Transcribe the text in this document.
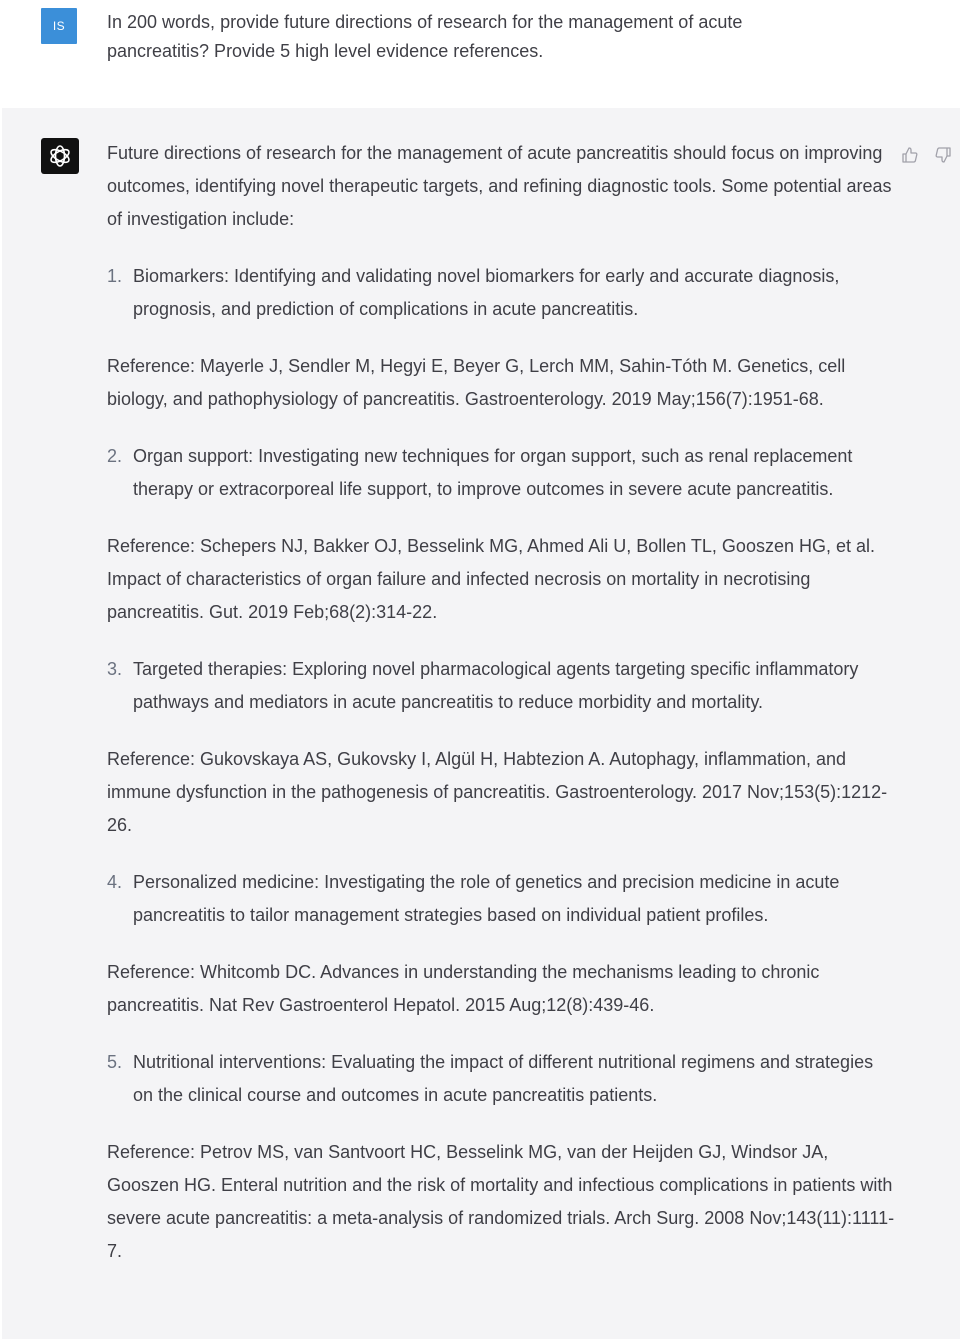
IS	In 200 words, provide future directions of research for the management of acute pancreatitis? Provide 5 high level evidence references.

Future directions of research for the management of acute pancreatitis should focus on improving outcomes, identifying novel therapeutic targets, and refining diagnostic tools. Some potential areas of investigation include:

1. Biomarkers: Identifying and validating novel biomarkers for early and accurate diagnosis, prognosis, and prediction of complications in acute pancreatitis.

Reference: Mayerle J, Sendler M, Hegyi E, Beyer G, Lerch MM, Sahin-Tóth M. Genetics, cell biology, and pathophysiology of pancreatitis. Gastroenterology. 2019 May;156(7):1951-68.

2. Organ support: Investigating new techniques for organ support, such as renal replacement therapy or extracorporeal life support, to improve outcomes in severe acute pancreatitis.

Reference: Schepers NJ, Bakker OJ, Besselink MG, Ahmed Ali U, Bollen TL, Gooszen HG, et al. Impact of characteristics of organ failure and infected necrosis on mortality in necrotising pancreatitis. Gut. 2019 Feb;68(2):314-22.

3. Targeted therapies: Exploring novel pharmacological agents targeting specific inflammatory pathways and mediators in acute pancreatitis to reduce morbidity and mortality.

Reference: Gukovskaya AS, Gukovsky I, Algül H, Habtezion A. Autophagy, inflammation, and immune dysfunction in the pathogenesis of pancreatitis. Gastroenterology. 2017 Nov;153(5):1212-26.

4. Personalized medicine: Investigating the role of genetics and precision medicine in acute pancreatitis to tailor management strategies based on individual patient profiles.

Reference: Whitcomb DC. Advances in understanding the mechanisms leading to chronic pancreatitis. Nat Rev Gastroenterol Hepatol. 2015 Aug;12(8):439-46.

5. Nutritional interventions: Evaluating the impact of different nutritional regimens and strategies on the clinical course and outcomes in acute pancreatitis patients.

Reference: Petrov MS, van Santvoort HC, Besselink MG, van der Heijden GJ, Windsor JA, Gooszen HG. Enteral nutrition and the risk of mortality and infectious complications in patients with severe acute pancreatitis: a meta-analysis of randomized trials. Arch Surg. 2008 Nov;143(11):1111-7.
